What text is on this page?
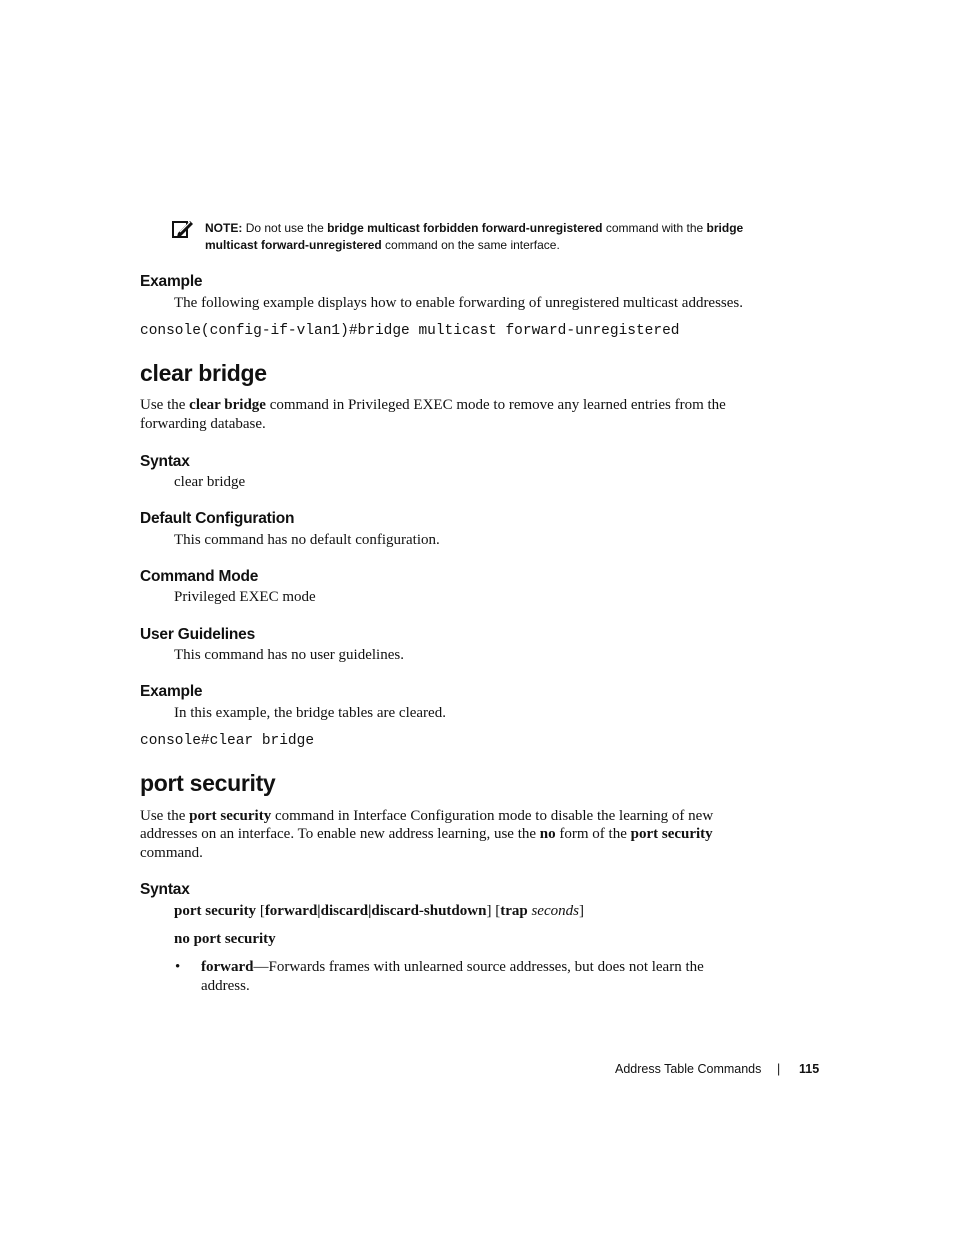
NOTE: Do not use the bridge multicast forbidden forward-unregistered command with the bridge
multicast forward-unregistered command on the same interface.
Example
The following example displays how to enable forwarding of unregistered multicast addresses.
console(config-if-vlan1)#bridge multicast forward-unregistered
clear bridge
Use the clear bridge command in Privileged EXEC mode to remove any learned entries from the
forwarding database.
Syntax
clear bridge
Default Configuration
This command has no default configuration.
Command Mode
Privileged EXEC mode
User Guidelines
This command has no user guidelines.
Example
In this example, the bridge tables are cleared.
console#clear bridge
port security
Use the port security command in Interface Configuration mode to disable the learning of new
addresses on an interface. To enable new address learning, use the no form of the port security
command.
Syntax
port security [forward|discard|discard-shutdown] [trap seconds]
no port security
• forward—Forwards frames with unlearned source addresses, but does not learn the
address.
Address Table Commands | 115
